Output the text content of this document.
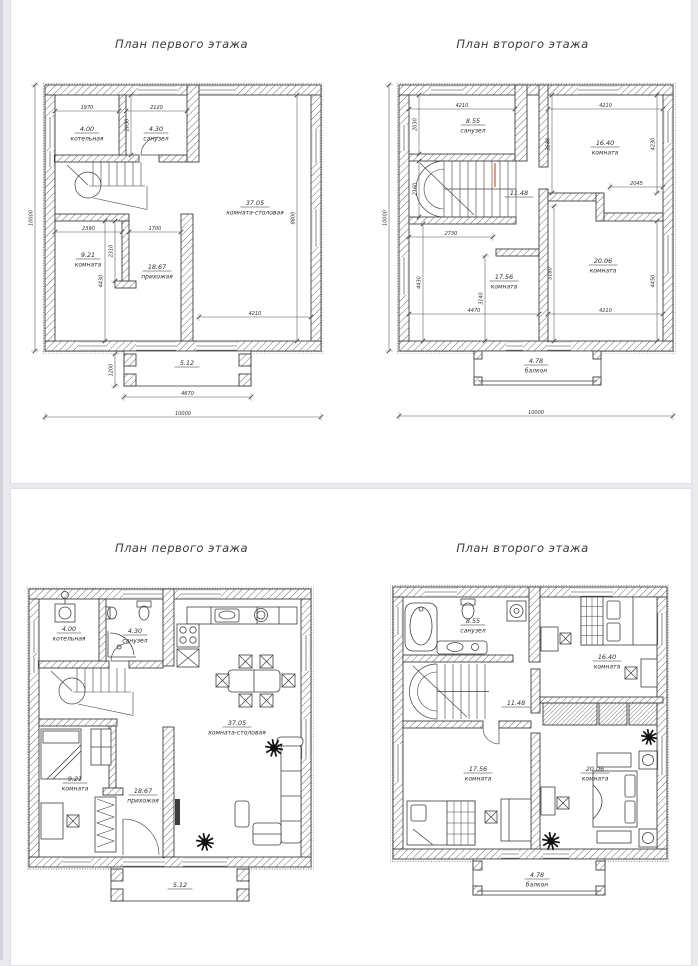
План первого этажа
1970	2120
2030
2390	1700
2310
4430
4210
8800
1200
4670
10000
10000
4.00
котельная
4.30
санузел
37.05
комната-столовая
9.21
комната	18.67
прихожая
5.12
План второго этажа
4210
2030
4210
4230
2045
2160
3580
2730
4430
3140
5180
4470	4210
4450
10000
10000
8.55
санузел
16.40
комната
11.48
17.56
комната
20.06
комната
4.78
балкон
План первого этажа
4.00
котельная
4.30
санузел
37.05
комната-столовая
9.21
комната	18.67
прихожая
5.12
План второго этажа
8.55
санузел
16.40
комната
11.48
17.56
комната
20.06
комната
4.78
балкон
